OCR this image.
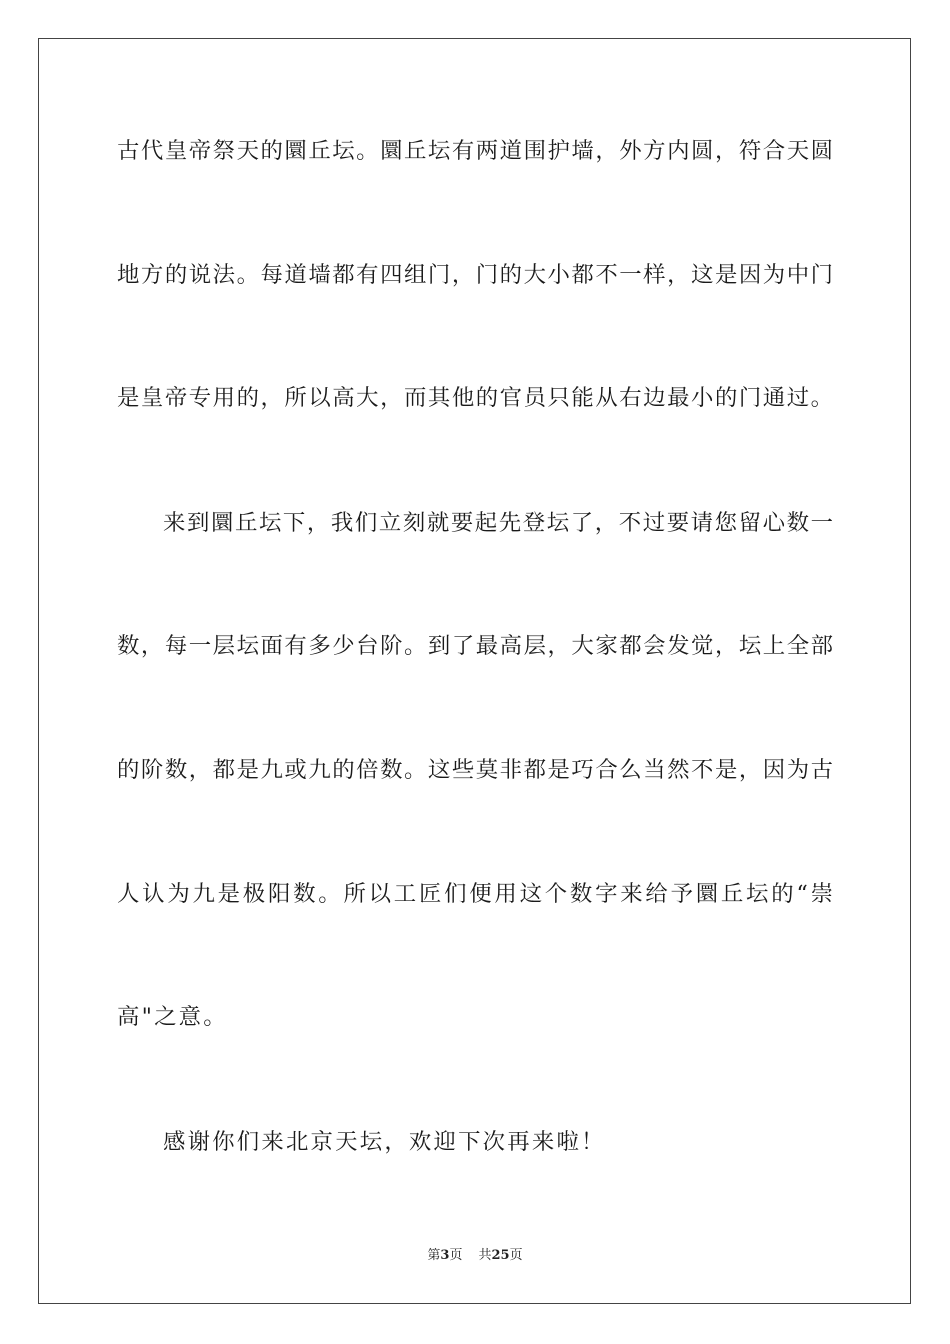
古代皇帝祭天的圜丘坛。圜丘坛有两道围护墙，外方内圆，符合天圆
地方的说法。每道墙都有四组门，门的大小都不一样，这是因为中门
是皇帝专用的，所以高大，而其他的官员只能从右边最小的门通过。
来到圜丘坛下，我们立刻就要起先登坛了，不过要请您留心数一
数，每一层坛面有多少台阶。到了最高层，大家都会发觉，坛上全部
的阶数，都是九或九的倍数。这些莫非都是巧合么当然不是，因为古
人认为九是极阳数。所以工匠们便用这个数字来给予圜丘坛的“崇
高"之意。
感谢你们来北京天坛，欢迎下次再来啦！
第3页 共25页
